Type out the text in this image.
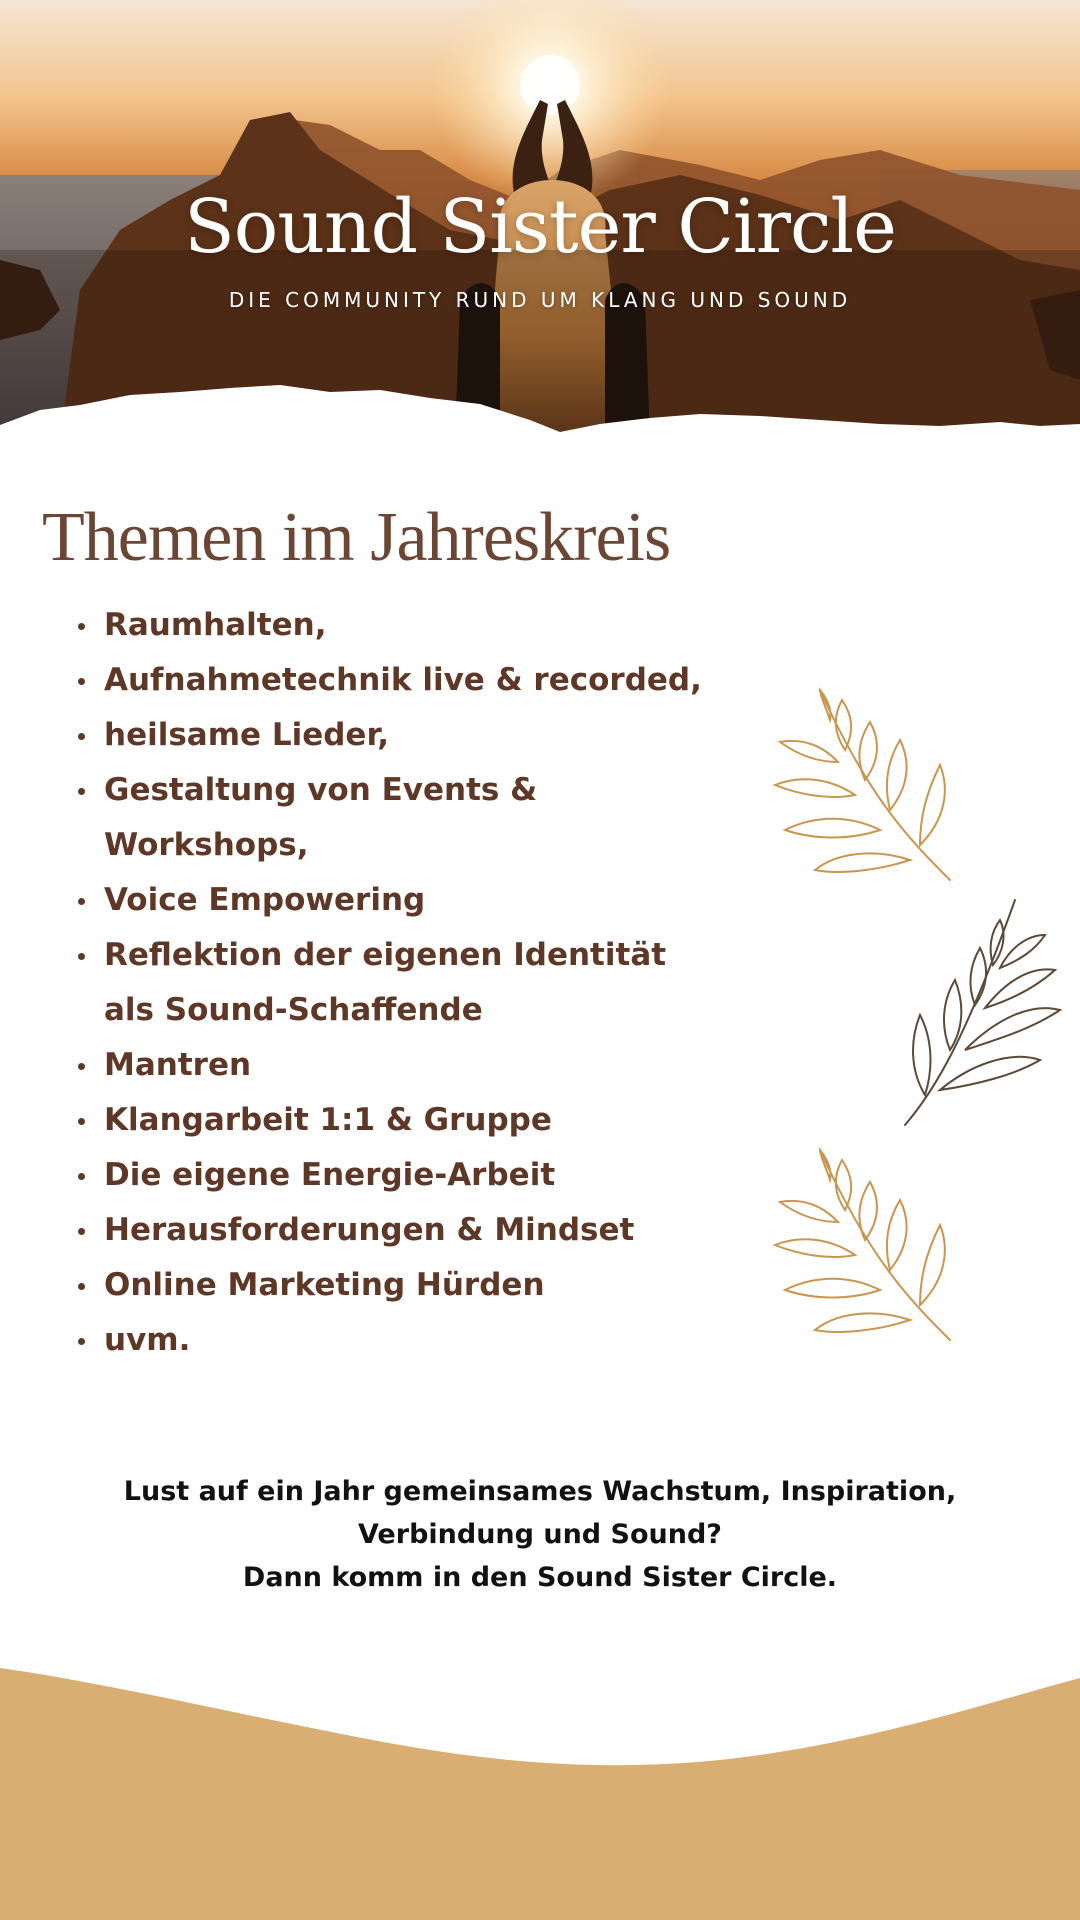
Sound Sister Circle
DIE COMMUNITY RUND UM KLANG UND SOUND
Themen im Jahreskreis
Raumhalten,
Aufnahmetechnik live & recorded,
heilsame Lieder,
Gestaltung von Events & Workshops,
Voice Empowering
Reflektion der eigenen Identität als Sound-Schaffende
Mantren
Klangarbeit 1:1 & Gruppe
Die eigene Energie-Arbeit
Herausforderungen & Mindset
Online Marketing Hürden
uvm.
Lust auf ein Jahr gemeinsames Wachstum, Inspiration,
Verbindung und Sound?
Dann komm in den Sound Sister Circle.
